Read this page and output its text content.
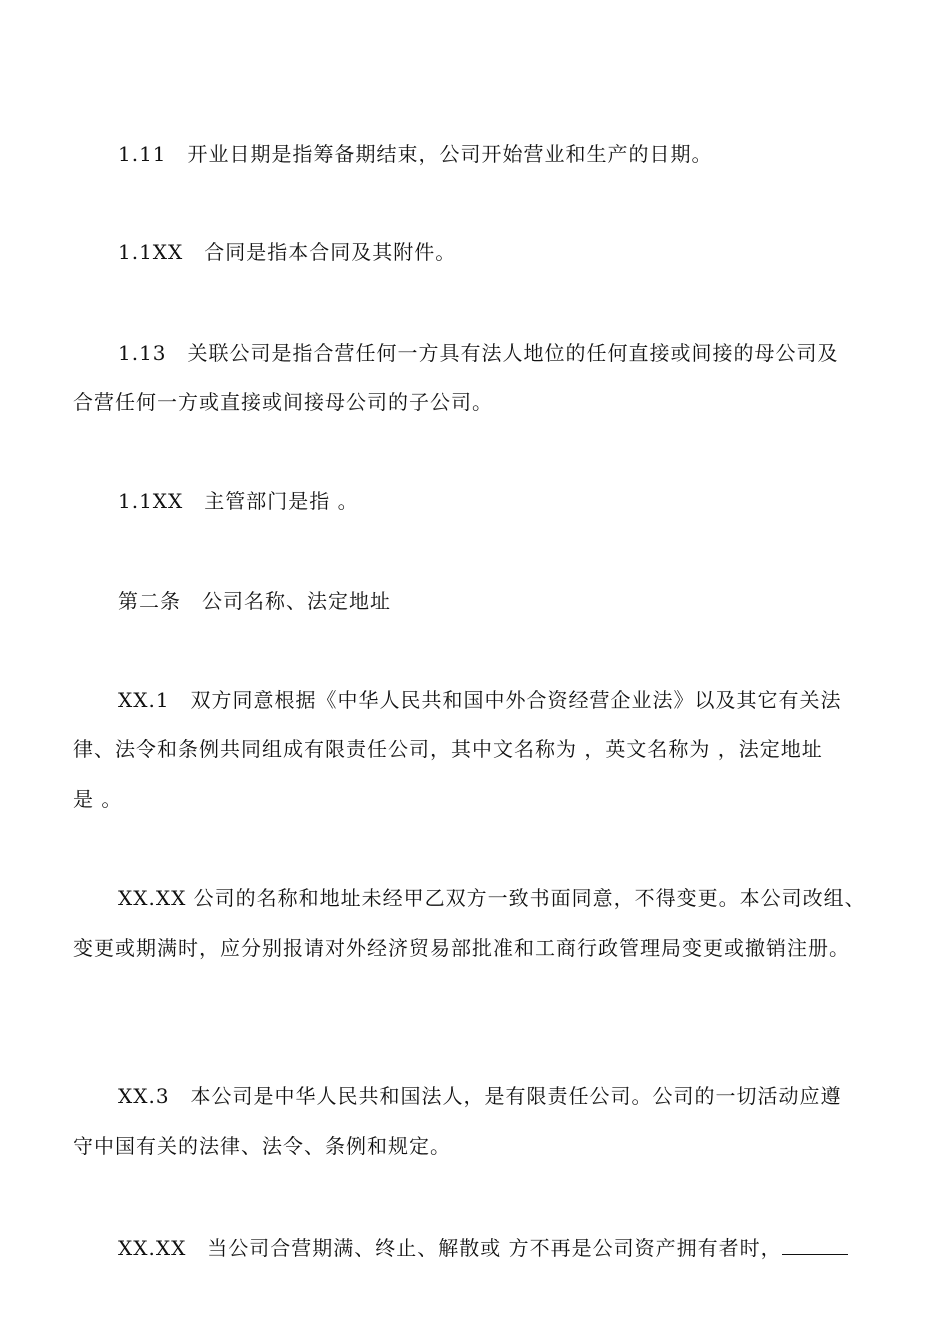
1.11　开业日期是指筹备期结束，公司开始营业和生产的日期。
1.1XX　合同是指本合同及其附件。
1.13　关联公司是指合营任何一方具有法人地位的任何直接或间接的母公司及
合营任何一方或直接或间接母公司的子公司。
1.1XX　主管部门是指 。
第二条　公司名称、法定地址
XX.1　双方同意根据《中华人民共和国中外合资经营企业法》以及其它有关法
律、法令和条例共同组成有限责任公司，其中文名称为 ，英文名称为 ，法定地址
是 。
XX.XX 公司的名称和地址未经甲乙双方一致书面同意，不得变更。本公司改组、
变更或期满时，应分别报请对外经济贸易部批准和工商行政管理局变更或撤销注册。
XX.3　本公司是中华人民共和国法人，是有限责任公司。公司的一切活动应遵
守中国有关的法律、法令、条例和规定。
XX.XX　当公司合营期满、终止、解散或 方不再是公司资产拥有者时，
